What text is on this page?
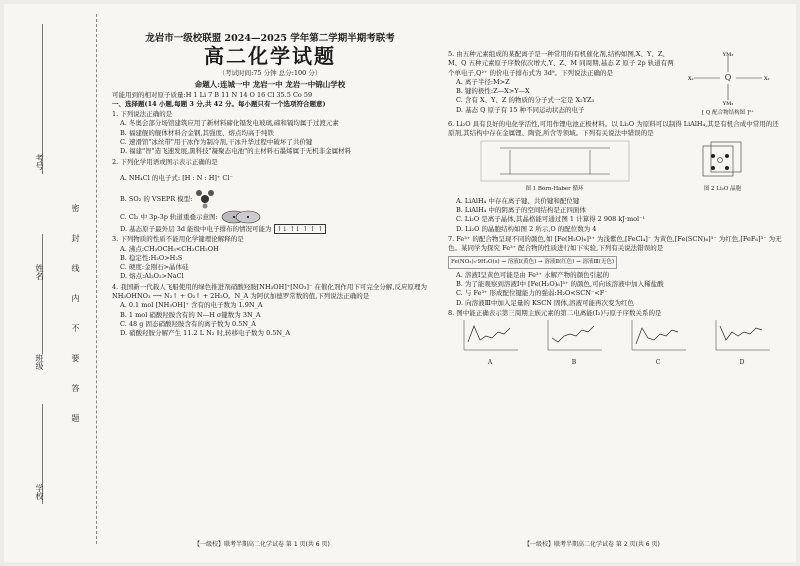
考号
姓名
班级
学校
密封线内不要答题

龙岩市一级校联盟 2024—2025 学年第二学期半期考联考

高二化学试题

（考试时间:75 分钟 总分:100 分）

命题人:连城一中 龙岩一中 龙岩一中锦山学校

可能用到的相对原子质量:H 1 Li 7 B 11 N 14 O 16 Cl 35.5 Co 59

一、选择题(14 小题,每题 3 分,共 42 分。每小题只有一个选项符合题意)

1. 下列说法正确的是

A. 冬奥会部分场馆建筑应用了新材料碲化镉发电玻璃,碲和镉均属于过渡元素

B. 福建舰的舰体材料合金钢,其强度、熔点均高于纯铁

C. 速滑馆"冰丝带"用干冰作为制冷剂,干冰升华过程中破坏了共价键

D. 福建"智"造飞速发展,黑科技"凝聚态电池"的主材料石墨烯属于无机非金属材料

2. 下列化学用语或图示表示正确的是

A. NH₄Cl 的电子式: [H : N : H]⁺ Cl⁻

B. SO₂ 的 VSEPR 模型:

C. Cl₂ 中 3p-3p 轨道重叠示意图:

D. 基态原子最外层 3d 能级中电子排布的情况可能为 ↑↓ ↑↓ ↑ ↑ ↑

3. 下列物质的性质不能用化学键理论解释的是

A. 沸点:CH₃OCH₃<CH₃CH₂OH

B. 稳定性:H₂O>H₂S

C. 硬度:金刚石>晶体硅

D. 熔点:Al₂O₃>NaCl

4. 我国新一代载人飞船使用的绿色推进剂硝酸羟胺[NH₃OH]⁺[NO₃]⁻ 在催化剂作用下可完全分解,反应原理为 NH₃OHNO₃ ⟶ N₂↑ + O₂↑ + 2H₂O。N_A 为阿伏加德罗常数的值,下列说法正确的是

A. 0.1 mol [NH₃OH]⁺ 含有的电子数为 1.9N_A

B. 1 mol 硝酸羟胺含有的 N—H σ键数为 3N_A

C. 48 g 固态硝酸羟胺含有的离子数为 0.5N_A

D. 硝酸羟胺分解产生 11.2 L N₂ 时,转移电子数为 0.5N_A

【一级校】联考半期高二化学试卷 第 1 页(共 6 页)

5. 由五种元素组成的某配离子是一种常用的有机催化剂,结构如图,X、Y、Z、M、Q 五种元素原子序数依次增大,Y、Z、M 同周期,基态 Z 原子 2p 轨道有两个单电子,Q²⁺ 的价电子排布式为 3d⁹。下列说法正确的是

A. 离子半径:M>Z

B. 键的极性:Z—X>Y—X

C. 含有 X、Y、Z 的物质的分子式一定是 X₂YZ₃

D. 基态 Q 原子有 15 种不同运动状态的电子

Q
YM₃
YM₃
X₂	X₂

[ Q 配合物结构图 ]²⁺

6. Li₂O 具有良好的电化学活性,可用作锂电池正极材料。以 Li₂O 为原料可以制得 LiAlH₄,其是有机合成中常用的还原剂,其结构中存在金属锂、陶瓷,所含等领域。下列有关说法中错误的是

图 1 Born-Haber 循环	图 2 Li₂O 晶胞

A. LiAlH₄ 中存在离子键、共价键和配位键

B. LiAlH₄ 中的阴离子的空间结构是正四面体

C. Li₂O 是离子晶体,其晶格能可通过图 1 计算得 2 908 kJ·mol⁻¹

D. Li₂O 的晶胞结构如图 2 所示,O 的配位数为 4

7. Fe³⁺ 的配合物呈现不同的颜色,如 [Fe(H₂O)₆]³⁺ 为浅紫色,[FeCl₄]⁻ 为黄色,[Fe(SCN)₆]³⁻ 为红色,[FeF₆]³⁻ 为无色。某同学为探究 Fe³⁺ 配合物的性质进行如下实验,下列有关说法错误的是

Fe(NO₃)₃·9H₂O(s) → 溶液Ⅰ(黄色) → 溶液Ⅱ(红色) → 溶液Ⅲ(无色)

A. 溶液Ⅰ呈黄色可能是由 Fe³⁺ 水解产物的颜色引起的

B. 为了能观察到溶液Ⅰ中 [Fe(H₂O)₆]³⁺ 的颜色,可向该溶液中加入稀盐酸

C. 与 Fe³⁺ 形成配位键能力的强弱:H₂O<SCN⁻<F⁻

D. 向溶液Ⅲ中加入足量的 KSCN 固体,溶液可能再次变为红色

8. 图中能正确表示第三周期主族元素的第二电离能(I₂)与原子序数关系的是

A	B	C	D

【一级校】联考半期高二化学试卷 第 2 页(共 6 页)
